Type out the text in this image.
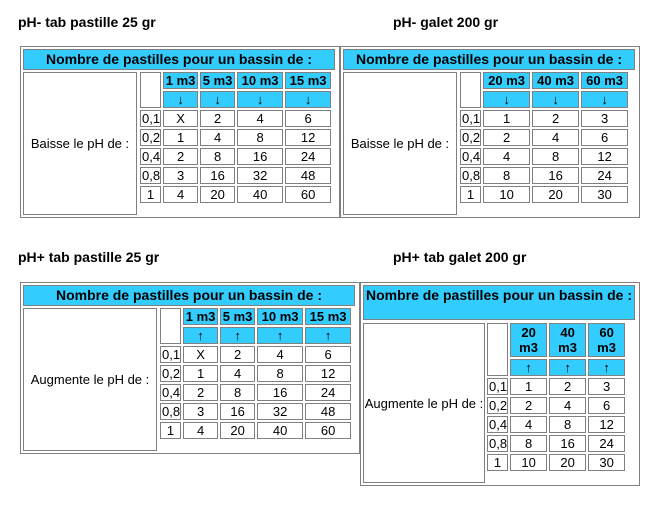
pH- tab pastille 25 gr
Nombre de pastilles pour un bassin de :
Baisse le pH de :
	1 m3	5 m3	10 m3	15 m3
	↓	↓	↓	↓
0,1	X	2	4	6
0,2	1	4	8	12
0,4	2	8	16	24
0,8	3	16	32	48
1	4	20	40	60
pH- galet 200 gr
Nombre de pastilles pour un bassin de :
Baisse le pH de :
	20 m3	40 m3	60 m3
	↓	↓	↓
0,1	1	2	3
0,2	2	4	6
0,4	4	8	12
0,8	8	16	24
1	10	20	30
pH+ tab pastille 25 gr
Nombre de pastilles pour un bassin de :
Augmente le pH de :
	1 m3	5 m3	10 m3	15 m3
	↑	↑	↑	↑
0,1	X	2	4	6
0,2	1	4	8	12
0,4	2	8	16	24
0,8	3	16	32	48
1	4	20	40	60
pH+ tab galet 200 gr
Nombre de pastilles pour un bassin de :
Augmente le pH de :
	20 m3	40 m3	60 m3
	↑	↑	↑
0,1	1	2	3
0,2	2	4	6
0,4	4	8	12
0,8	8	16	24
1	10	20	30
